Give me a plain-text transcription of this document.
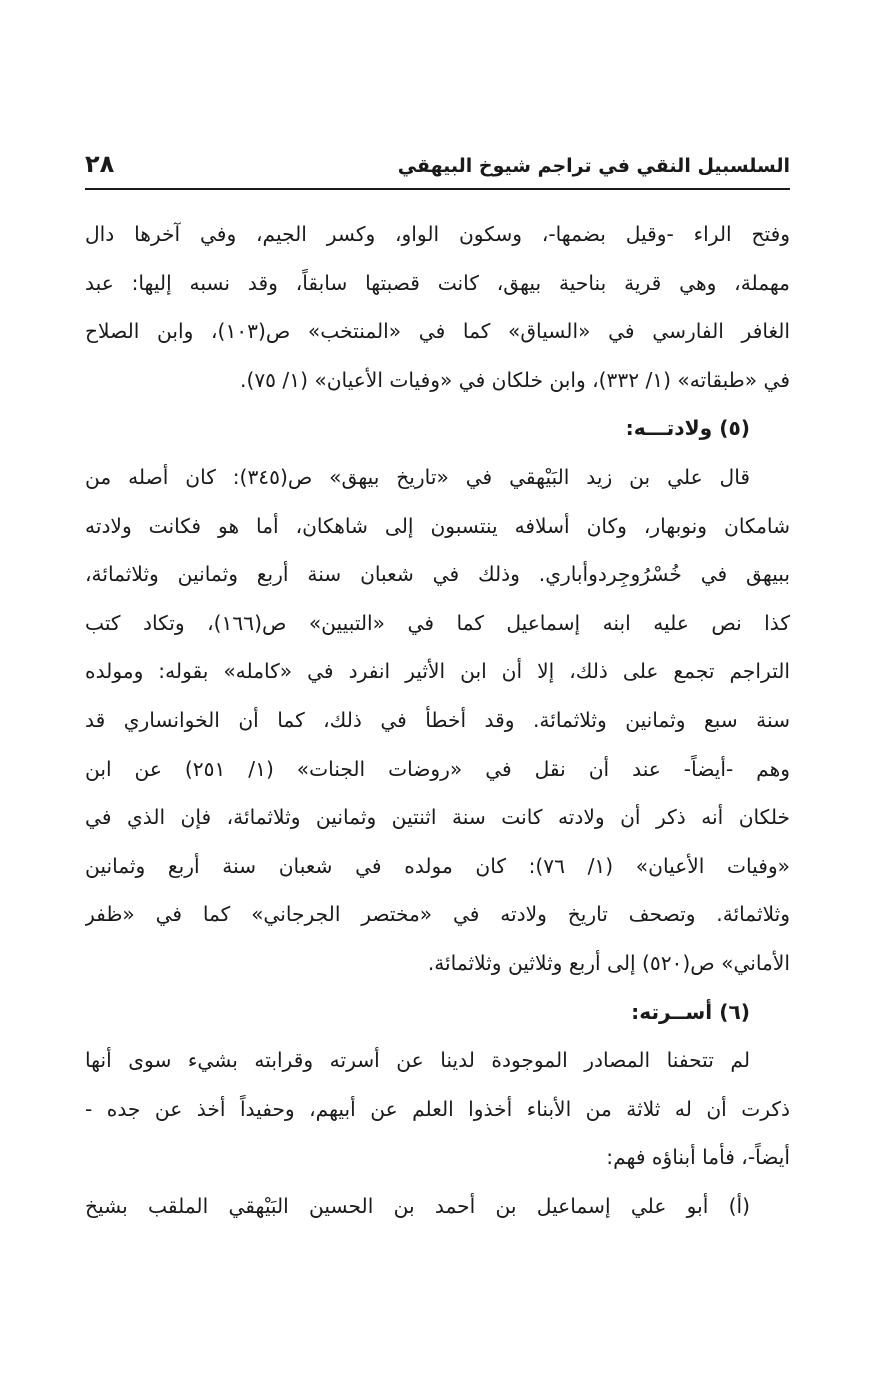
السلسبيل النقي في تراجم شيوخ البيهقي
٢٨
وفتح الراء -وقيل بضمها-، وسكون الواو، وكسر الجيم، وفي آخرها دال
مهملة، وهي قرية بناحية بيهق، كانت قصبتها سابقاً، وقد نسبه إليها: عبد
الغافر الفارسي في «السياق» كما في «المنتخب» ص(١٠٣)، وابن الصلاح
في «طبقاته» (١/ ٣٣٢)، وابن خلكان في «وفيات الأعيان» (١/ ٧٥).
(٥) ولادتـــه:
قال علي بن زيد البَيْهقي في «تاريخ بيهق» ص(٣٤٥): كان أصله من
شامكان ونوبهار، وكان أسلافه ينتسبون إلى شاهكان، أما هو فكانت ولادته
ببيهق في خُسْرُوجِردوأباري. وذلك في شعبان سنة أربع وثمانين وثلاثمائة،
كذا نص عليه ابنه إسماعيل كما في «التبيين» ص(١٦٦)، وتكاد كتب
التراجم تجمع على ذلك، إلا أن ابن الأثير انفرد في «كامله» بقوله: ومولده
سنة سبع وثمانين وثلاثمائة. وقد أخطأ في ذلك، كما أن الخوانساري قد
وهم -أيضاً- عند أن نقل في «روضات الجنات» (١/ ٢٥١) عن ابن
خلكان أنه ذكر أن ولادته كانت سنة اثنتين وثمانين وثلاثمائة، فإن الذي في
«وفيات الأعيان» (١/ ٧٦): كان مولده في شعبان سنة أربع وثمانين
وثلاثمائة. وتصحف تاريخ ولادته في «مختصر الجرجاني» كما في «ظفر
الأماني» ص(٥٢٠) إلى أربع وثلاثين وثلاثمائة.
(٦) أســرته:
لم تتحفنا المصادر الموجودة لدينا عن أسرته وقرابته بشيء سوى أنها
ذكرت أن له ثلاثة من الأبناء أخذوا العلم عن أبيهم، وحفيداً أخذ عن جده -
أيضاً-، فأما أبناؤه فهم:
(أ) أبو علي إسماعيل بن أحمد بن الحسين البَيْهقي الملقب بشيخ
